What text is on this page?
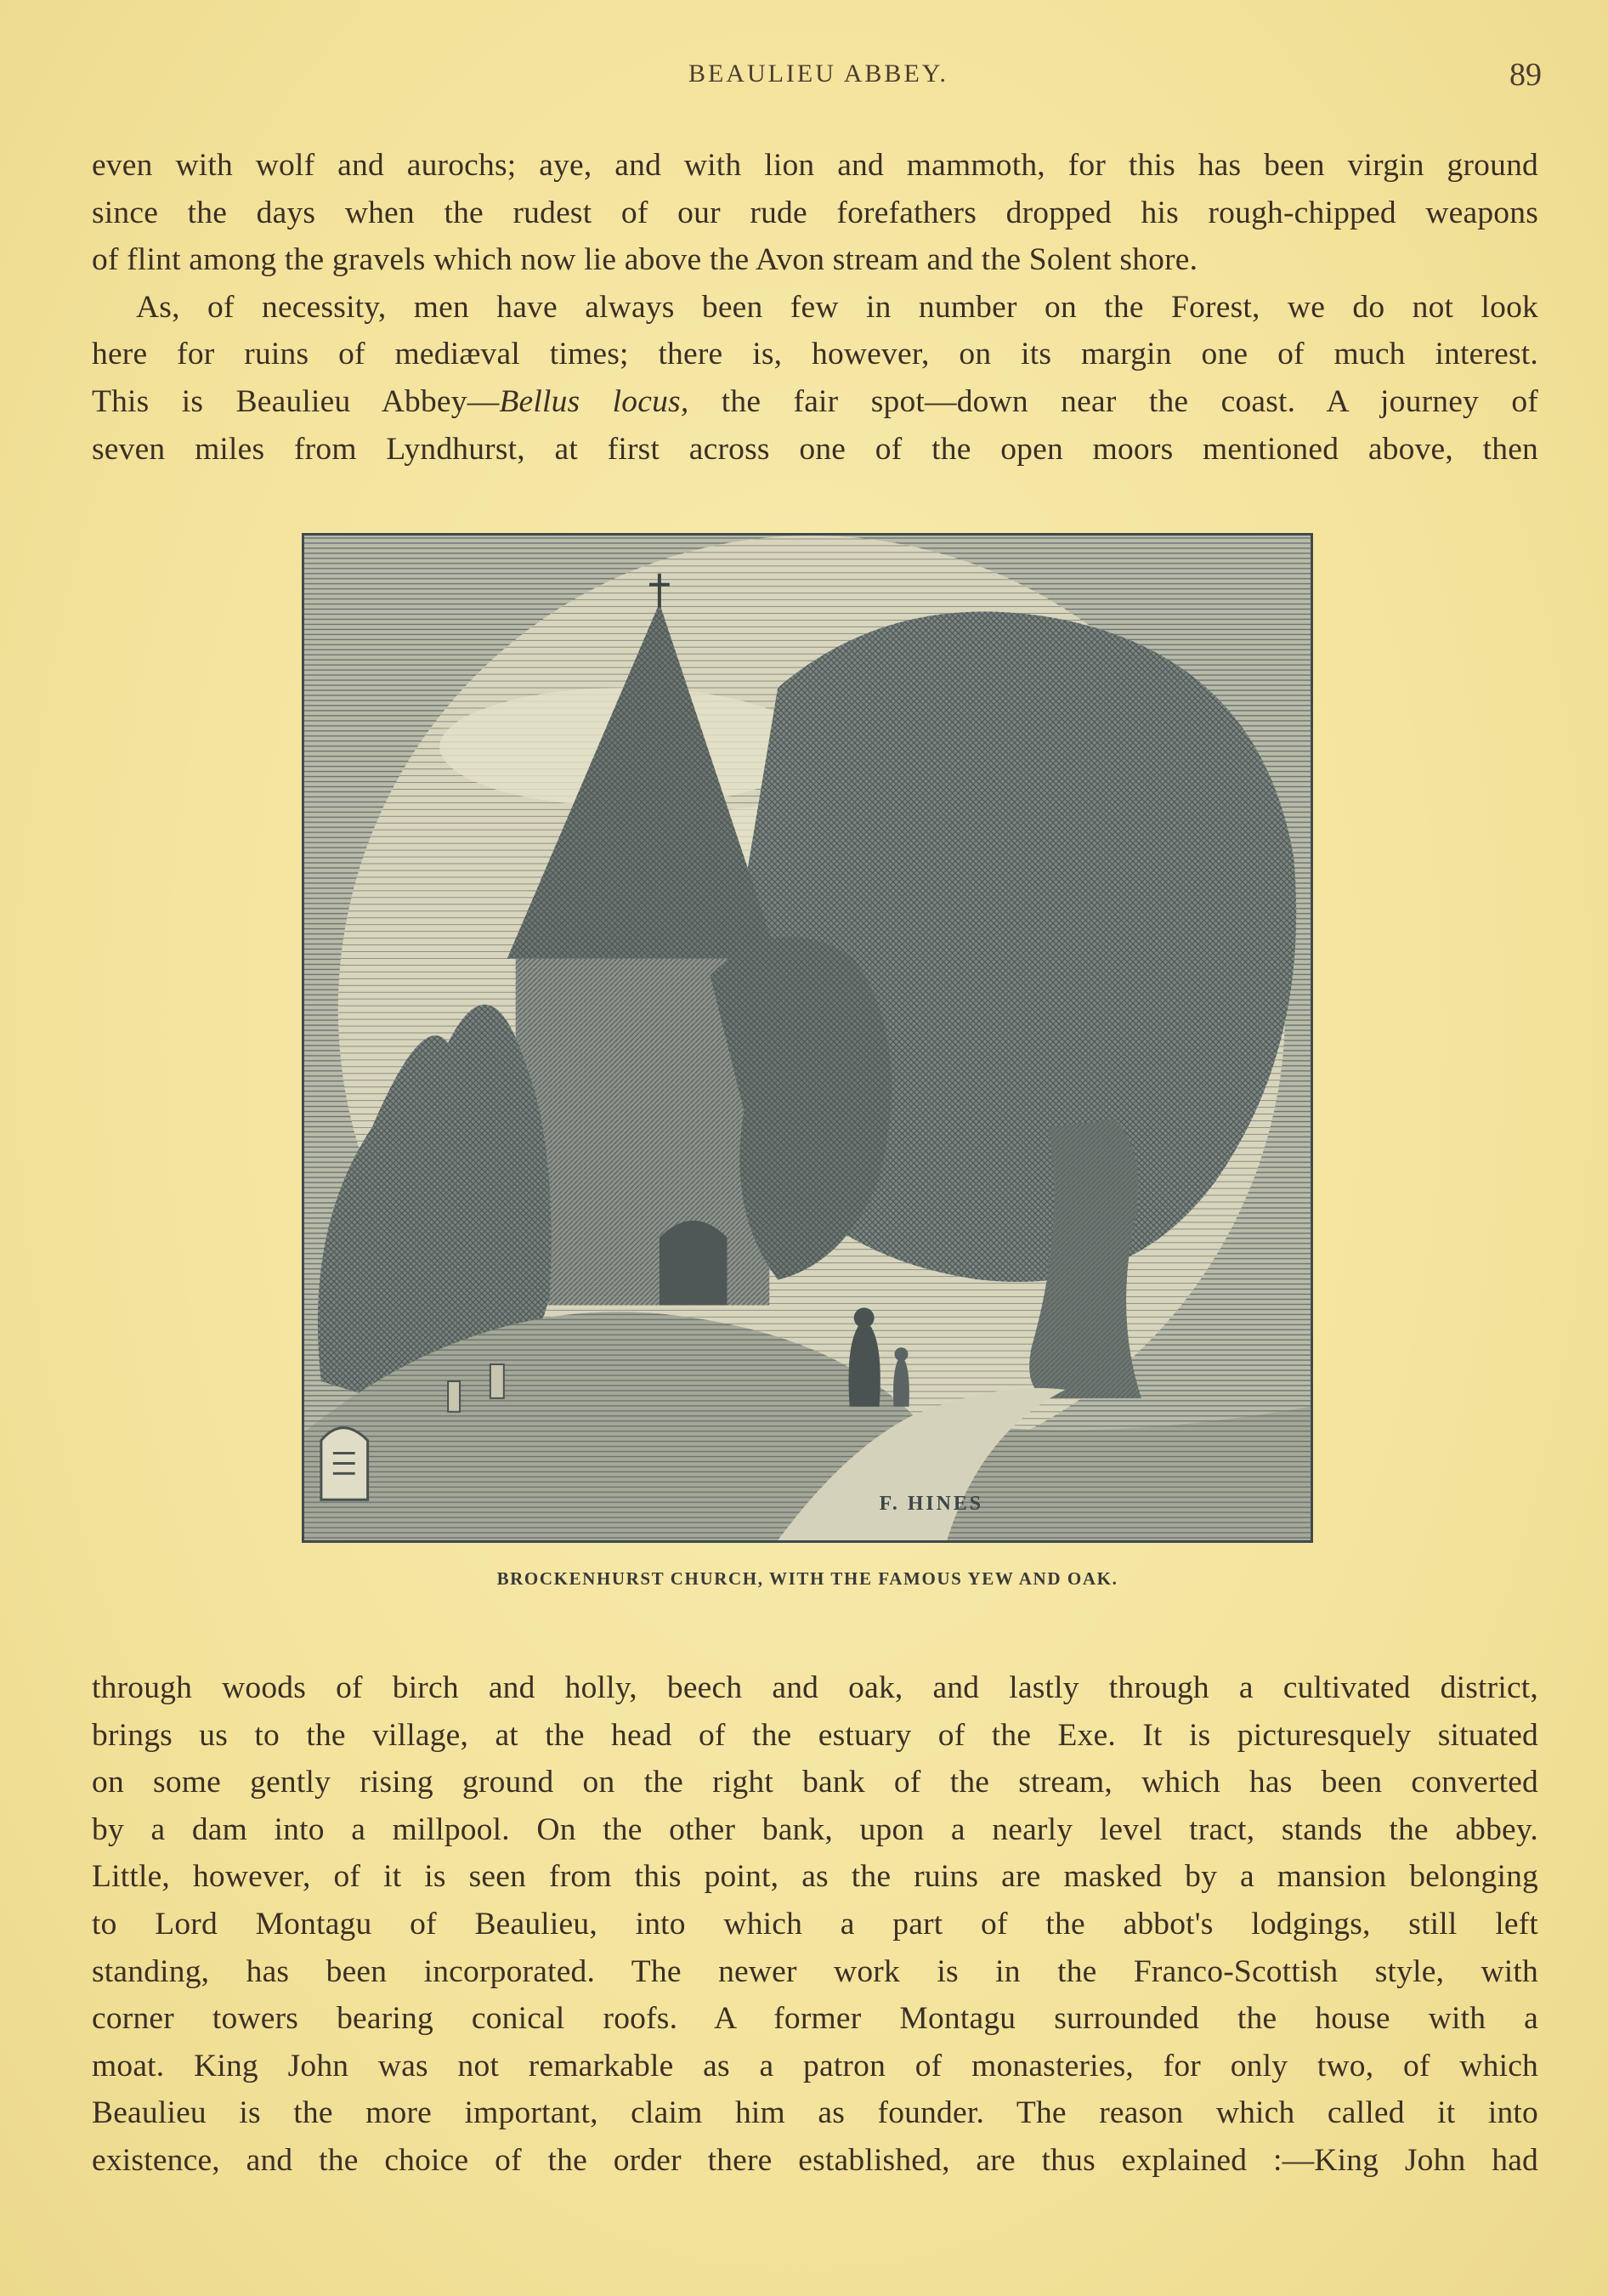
BEAULIEU ABBEY.	89

even with wolf and aurochs; aye, and with lion and mammoth, for this has been virgin ground
since the days when the rudest of our rude forefathers dropped his rough-chipped weapons
of flint among the gravels which now lie above the Avon stream and the Solent shore.

As, of necessity, men have always been few in number on the Forest, we do not look
here for ruins of mediæval times; there is, however, on its margin one of much interest.
This is Beaulieu Abbey—Bellus locus, the fair spot—down near the coast. A journey of
seven miles from Lyndhurst, at first across one of the open moors mentioned above, then

F. HINES
BROCKENHURST CHURCH, WITH THE FAMOUS YEW AND OAK.

through woods of birch and holly, beech and oak, and lastly through a cultivated district,
brings us to the village, at the head of the estuary of the Exe. It is picturesquely situated
on some gently rising ground on the right bank of the stream, which has been converted
by a dam into a millpool. On the other bank, upon a nearly level tract, stands the abbey.
Little, however, of it is seen from this point, as the ruins are masked by a mansion belonging
to Lord Montagu of Beaulieu, into which a part of the abbot's lodgings, still left
standing, has been incorporated. The newer work is in the Franco-Scottish style, with
corner towers bearing conical roofs. A former Montagu surrounded the house with a
moat. King John was not remarkable as a patron of monasteries, for only two, of which
Beaulieu is the more important, claim him as founder. The reason which called it into
existence, and the choice of the order there established, are thus explained :—King John had
